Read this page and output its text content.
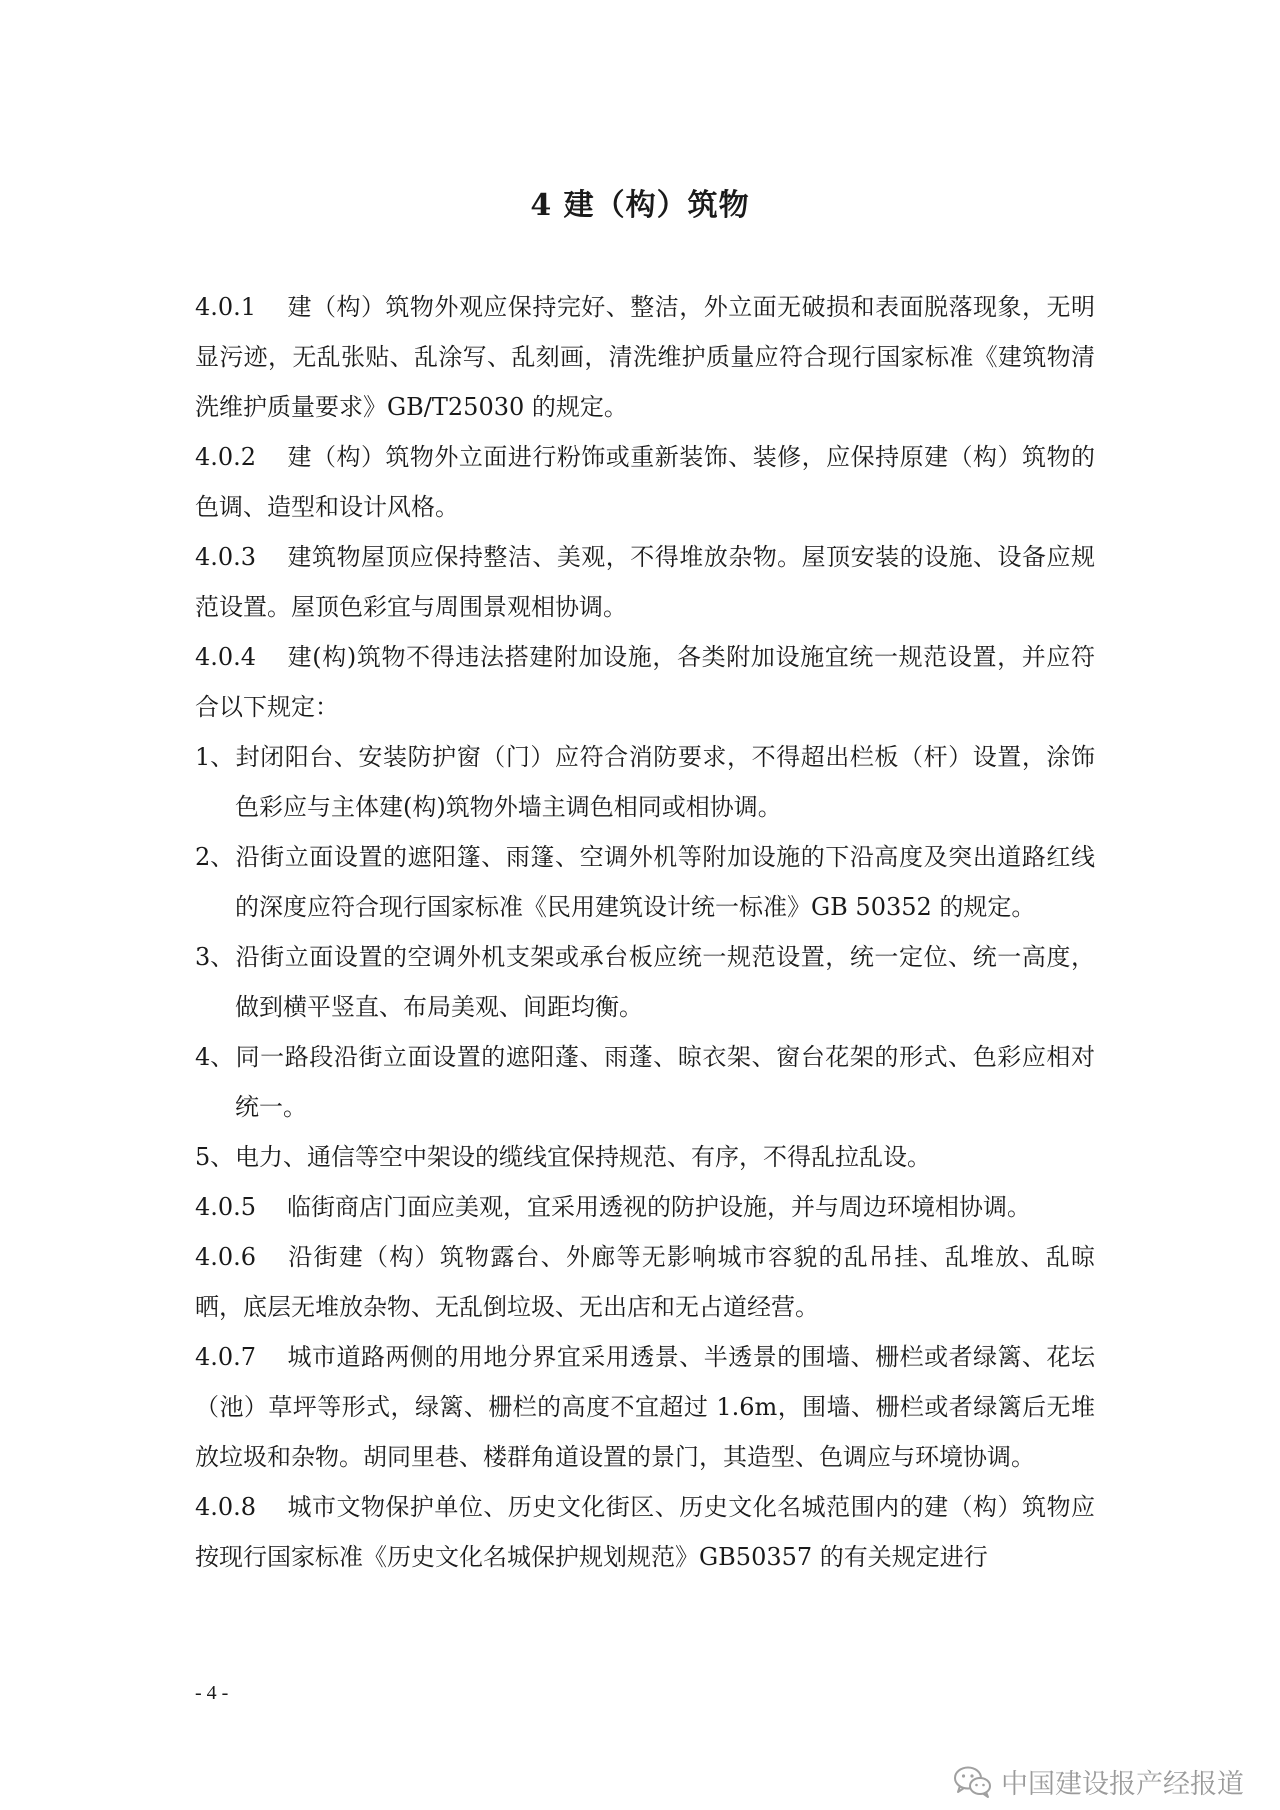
4 建（构）筑物

4.0.1 建（构）筑物外观应保持完好、整洁，外立面无破损和表面脱落现象，无明显污迹，无乱张贴、乱涂写、乱刻画，清洗维护质量应符合现行国家标准《建筑物清洗维护质量要求》GB/T25030 的规定。

4.0.2 建（构）筑物外立面进行粉饰或重新装饰、装修，应保持原建（构）筑物的色调、造型和设计风格。

4.0.3 建筑物屋顶应保持整洁、美观，不得堆放杂物。屋顶安装的设施、设备应规范设置。屋顶色彩宜与周围景观相协调。

4.0.4 建(构)筑物不得违法搭建附加设施，各类附加设施宜统一规范设置，并应符合以下规定：

1、封闭阳台、安装防护窗（门）应符合消防要求，不得超出栏板（杆）设置，涂饰色彩应与主体建(构)筑物外墙主调色相同或相协调。

2、沿街立面设置的遮阳篷、雨篷、空调外机等附加设施的下沿高度及突出道路红线的深度应符合现行国家标准《民用建筑设计统一标准》GB 50352 的规定。

3、沿街立面设置的空调外机支架或承台板应统一规范设置，统一定位、统一高度，做到横平竖直、布局美观、间距均衡。

4、同一路段沿街立面设置的遮阳蓬、雨蓬、晾衣架、窗台花架的形式、色彩应相对统一。

5、电力、通信等空中架设的缆线宜保持规范、有序，不得乱拉乱设。

4.0.5 临街商店门面应美观，宜采用透视的防护设施，并与周边环境相协调。

4.0.6 沿街建（构）筑物露台、外廊等无影响城市容貌的乱吊挂、乱堆放、乱晾晒，底层无堆放杂物、无乱倒垃圾、无出店和无占道经营。

4.0.7 城市道路两侧的用地分界宜采用透景、半透景的围墙、栅栏或者绿篱、花坛（池）草坪等形式，绿篱、栅栏的高度不宜超过 1.6m，围墙、栅栏或者绿篱后无堆放垃圾和杂物。胡同里巷、楼群角道设置的景门，其造型、色调应与环境协调。

4.0.8 城市文物保护单位、历史文化街区、历史文化名城范围内的建（构）筑物应按现行国家标准《历史文化名城保护规划规范》GB50357 的有关规定进行

- 4 -
中国建设报产经报道
